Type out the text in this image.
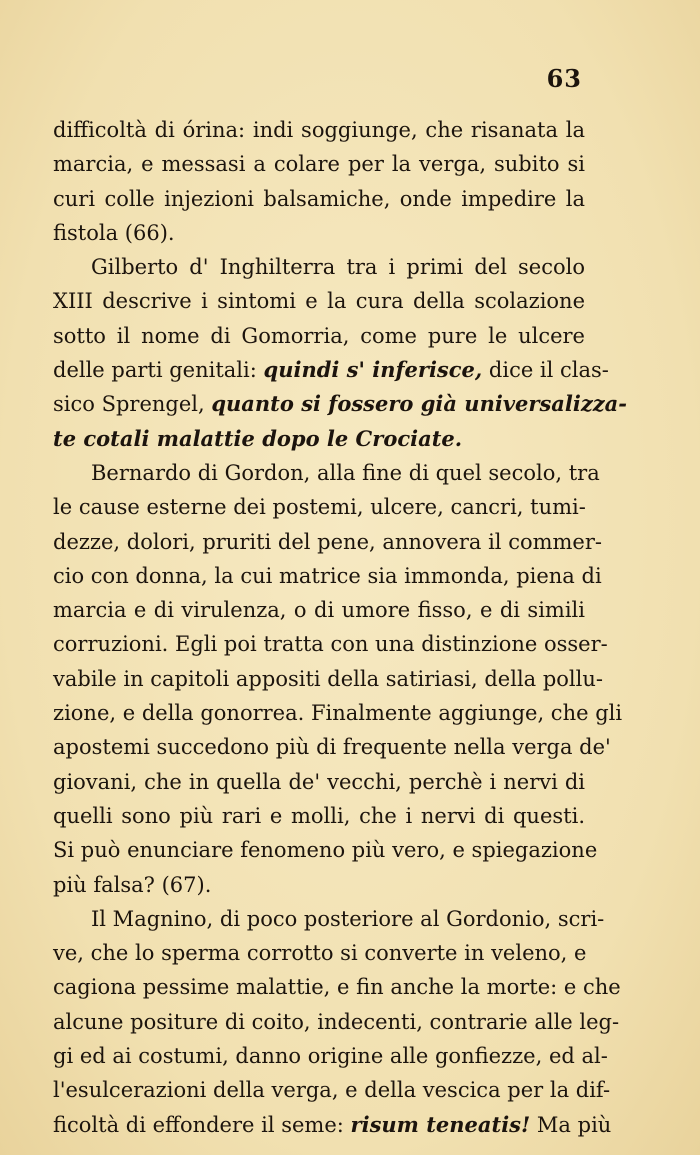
63
difficoltà di órina: indi soggiunge, che risanata la
marcia, e messasi a colare per la verga, subito si
curi colle injezioni balsamiche, onde impedire la
fistola (66).
Gilberto d' Inghilterra tra i primi del secolo
XIII descrive i sintomi e la cura della scolazione
sotto il nome di Gomorria, come pure le ulcere
delle parti genitali: quindi s' inferisce, dice il clas-
sico Sprengel, quanto si fossero già universalizza-
te cotali malattie dopo le Crociate.
Bernardo di Gordon, alla fine di quel secolo, tra
le cause esterne dei postemi, ulcere, cancri, tumi-
dezze, dolori, pruriti del pene, annovera il commer-
cio con donna, la cui matrice sia immonda, piena di
marcia e di virulenza, o di umore fisso, e di simili
corruzioni. Egli poi tratta con una distinzione osser-
vabile in capitoli appositi della satiriasi, della pollu-
zione, e della gonorrea. Finalmente aggiunge, che gli
apostemi succedono più di frequente nella verga de'
giovani, che in quella de' vecchi, perchè i nervi di
quelli sono più rari e molli, che i nervi di questi.
Si può enunciare fenomeno più vero, e spiegazione
più falsa? (67).
Il Magnino, di poco posteriore al Gordonio, scri-
ve, che lo sperma corrotto si converte in veleno, e
cagiona pessime malattie, e fin anche la morte: e che
alcune positure di coito, indecenti, contrarie alle leg-
gi ed ai costumi, danno origine alle gonfiezze, ed al-
l'esulcerazioni della verga, e della vescica per la dif-
ficoltà di effondere il seme: risum teneatis! Ma più
